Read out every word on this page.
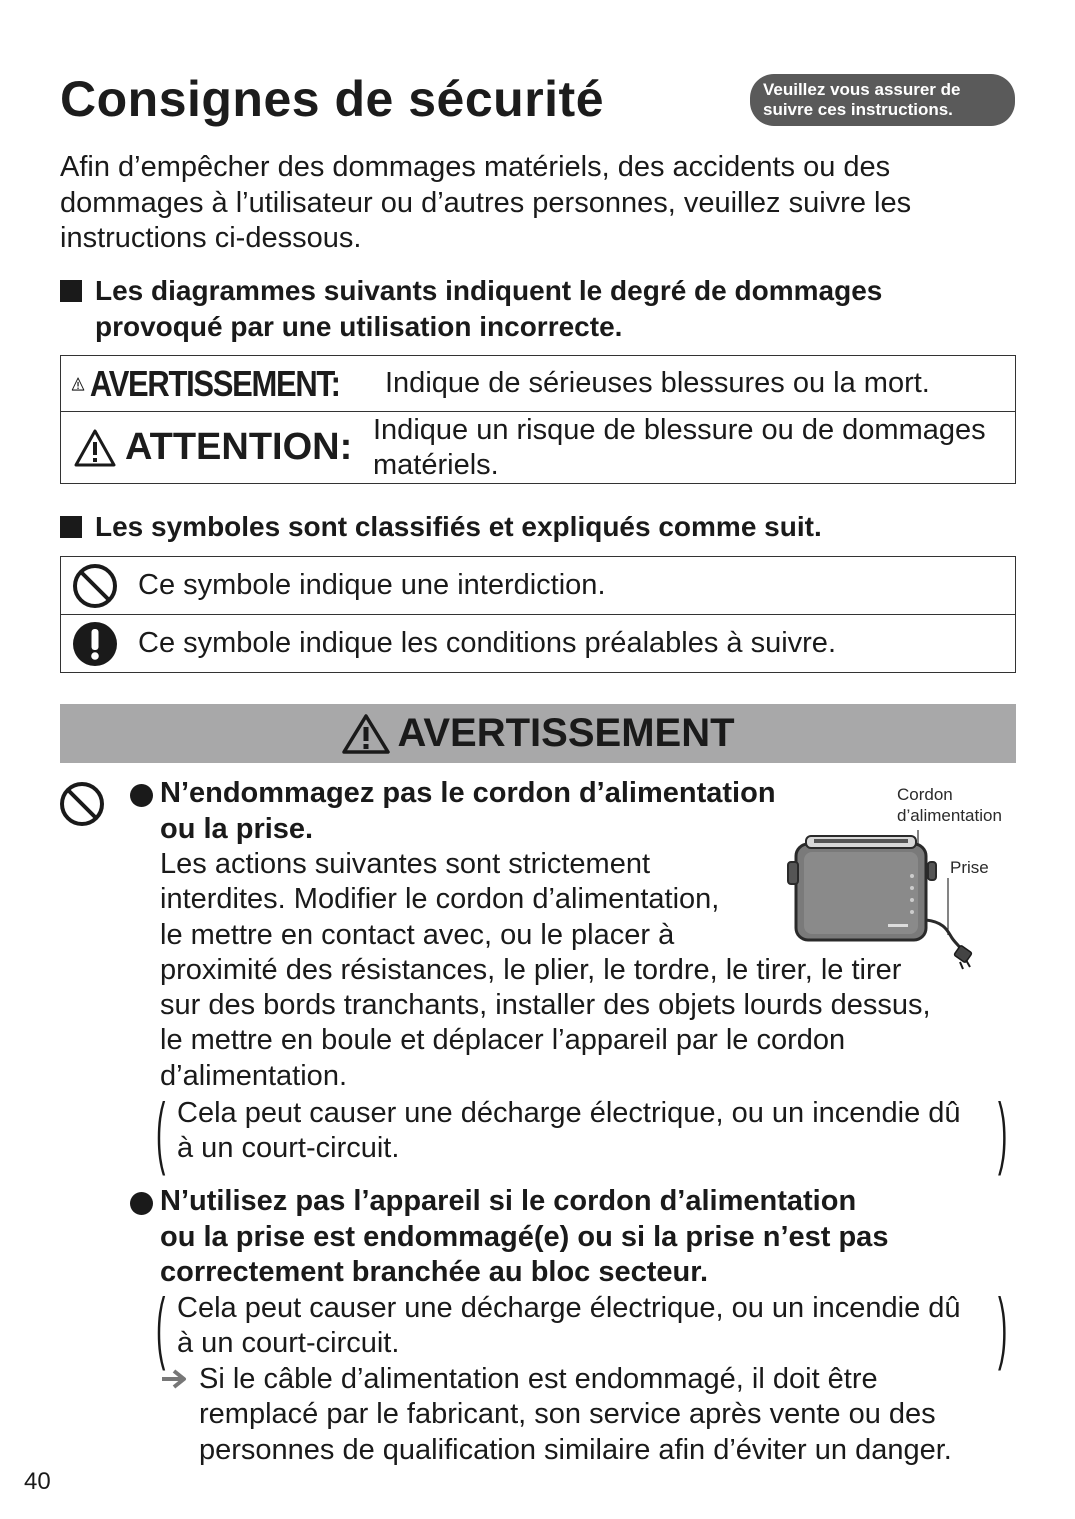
Consignes de sécurité	Veuillez vous assurer de
suivre ces instructions.
Afin d’empêcher des dommages matériels, des accidents ou des
dommages à l’utilisateur ou d’autres personnes, veuillez suivre les
instructions ci-dessous.
Les diagrammes suivants indiquent le degré de dommages
provoqué par une utilisation incorrecte.
AVERTISSEMENT: Indique de sérieuses blessures ou la mort.

ATTENTION: Indique un risque de blessure ou de dommages
matériels.
Les symboles sont classifiés et expliqués comme suit.
Ce symbole indique une interdiction.

Ce symbole indique les conditions préalables à suivre.
AVERTISSEMENT
N’endommagez pas le cordon d’alimentation
ou la prise.
Les actions suivantes sont strictement
interdites. Modifier le cordon d’alimentation,
le mettre en contact avec, ou le placer à
proximité des résistances, le plier, le tordre, le tirer, le tirer
sur des bords tranchants, installer des objets lourds dessus,
le mettre en boule et déplacer l’appareil par le cordon
d’alimentation.
( Cela peut causer une décharge électrique, ou un incendie dû
à un court-circuit.	)
Cordon
d’alimentation
Prise
N’utilisez pas l’appareil si le cordon d’alimentation
ou la prise est endommagé(e) ou si la prise n’est pas
correctement branchée au bloc secteur.
( Cela peut causer une décharge électrique, ou un incendie dû
à un court-circuit.	)
Si le câble d’alimentation est endommagé, il doit être
remplacé par le fabricant, son service après vente ou des
personnes de qualification similaire afin d’éviter un danger.
40
